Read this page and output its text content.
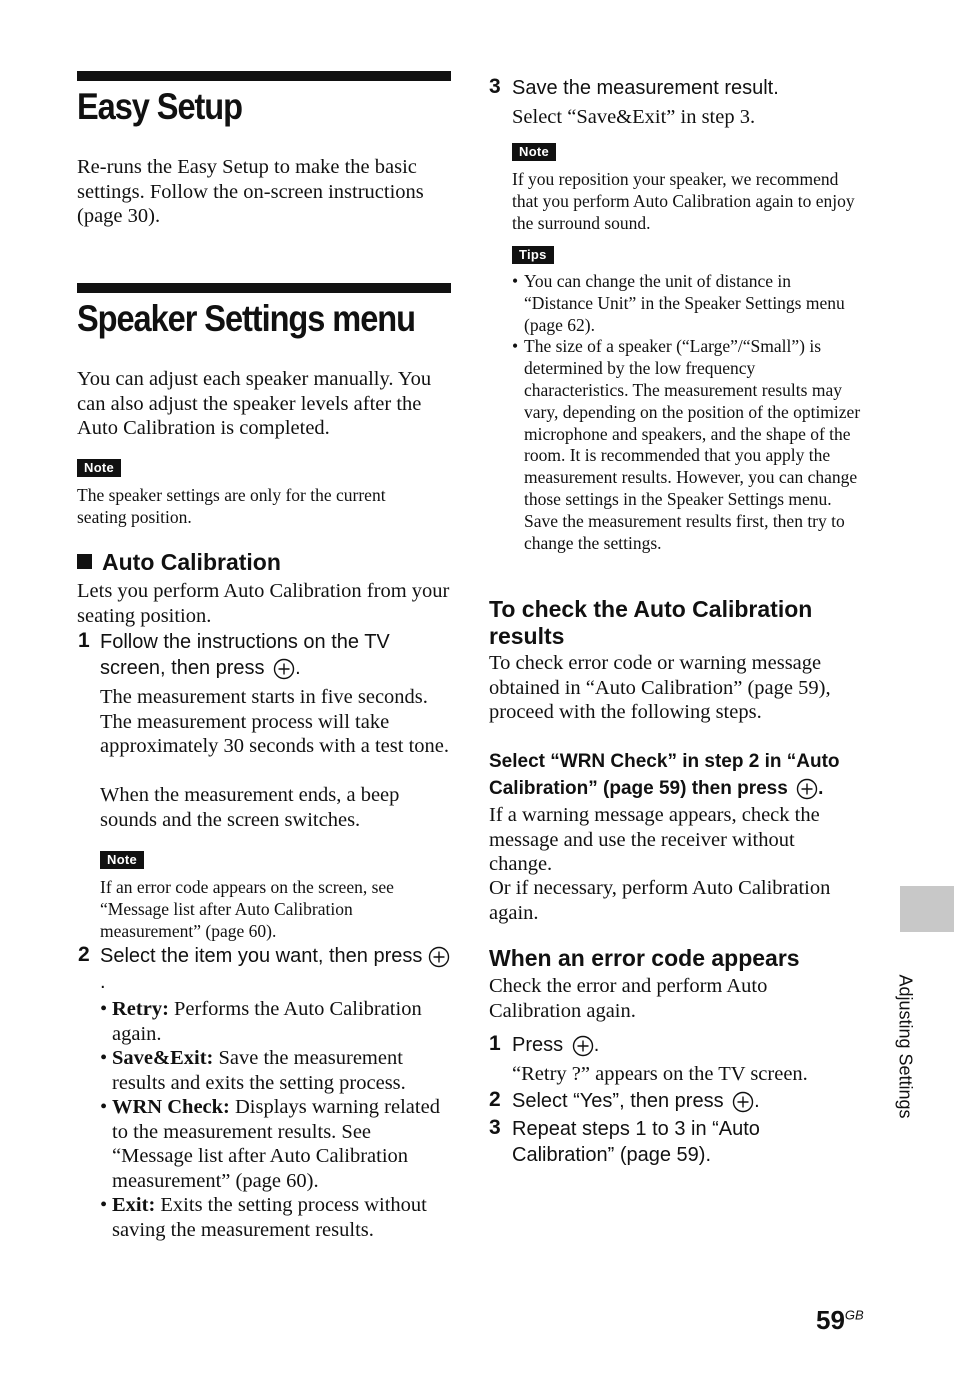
Easy Setup

Re-runs the Easy Setup to make the basic settings. Follow the on-screen instructions (page 30).

Speaker Settings menu

You can adjust each speaker manually. You can also adjust the speaker levels after the Auto Calibration is completed.

Note

The speaker settings are only for the current seating position.

Auto Calibration

Lets you perform Auto Calibration from your seating position.

1 Follow the instructions on the TV screen, then press .

The measurement starts in five seconds. The measurement process will take approximately 30 seconds with a test tone.

When the measurement ends, a beep sounds and the screen switches.

Note

If an error code appears on the screen, see “Message list after Auto Calibration measurement” (page 60).

2 Select the item you want, then press .

• Retry: Performs the Auto Calibration again.
• Save&Exit: Save the measurement results and exits the setting process.
• WRN Check: Displays warning related to the measurement results. See “Message list after Auto Calibration measurement” (page 60).
• Exit: Exits the setting process without saving the measurement results.
3 Save the measurement result.

Select “Save&Exit” in step 3.

Note

If you reposition your speaker, we recommend that you perform Auto Calibration again to enjoy the surround sound.

Tips
• You can change the unit of distance in “Distance Unit” in the Speaker Settings menu (page 62).
• The size of a speaker (“Large”/“Small”) is determined by the low frequency characteristics. The measurement results may vary, depending on the position of the optimizer microphone and speakers, and the shape of the room. It is recommended that you apply the measurement results. However, you can change those settings in the Speaker Settings menu. Save the measurement results first, then try to change the settings.

To check the Auto Calibration results

To check error code or warning message obtained in “Auto Calibration” (page 59), proceed with the following steps.

Select “WRN Check” in step 2 in “Auto Calibration” (page 59) then press .

If a warning message appears, check the message and use the receiver without change.

Or if necessary, perform Auto Calibration again.

When an error code appears

Check the error and perform Auto Calibration again.

1 Press .

“Retry ?” appears on the TV screen.

2 Select “Yes”, then press .

3 Repeat steps 1 to 3 in “Auto Calibration” (page 59).

Adjusting Settings
$59^{GB}$
